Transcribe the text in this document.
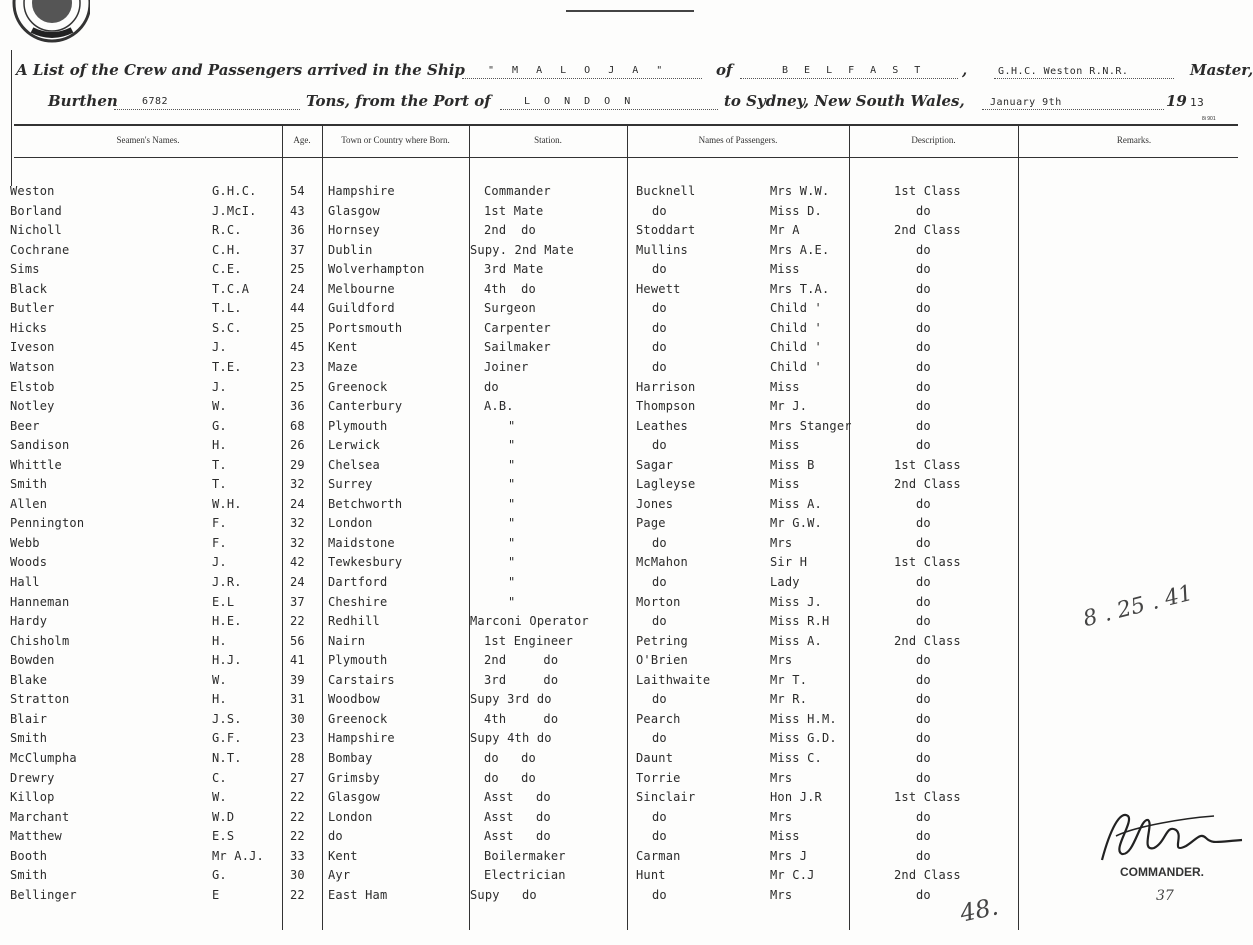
A List of the Crew and Passengers arrived in the Ship " M A L O J A "	of	B E L F A S T ,	G.H.C. Weston R.N.R.	Master,
Burthen 6782	Tons, from the Port of	L O N D O N	to Sydney, New South Wales,	January 9th	19 13
8i 901
Seamen's Names.	Age.	Town or Country where Born.	Station.	Names of Passengers.	Description.	Remarks.
Weston	G.H.C.	54 Hampshire	Commander	Bucknell	Mrs W.W.	1st Class
Borland	J.McI.	43 Glasgow	1st Mate	do	Miss D.	do
Nicholl	R.C.	36 Hornsey	2nd  do	Stoddart	Mr A	2nd Class
Cochrane	C.H.	37 Dublin	Supy. 2nd Mate	Mullins	Mrs A.E.	do
Sims	C.E.	25 Wolverhampton	3rd Mate	do	Miss	do
Black	T.C.A	24 Melbourne	4th  do	Hewett	Mrs T.A.	do
Butler	T.L.	44 Guildford	Surgeon	do	Child '	do
Hicks	S.C.	25 Portsmouth	Carpenter	do	Child '	do
Iveson	J.	45 Kent	Sailmaker	do	Child '	do
Watson	T.E.	23 Maze	Joiner	do	Child '	do
Elstob	J.	25 Greenock	do	Harrison	Miss	do
Notley	W.	36 Canterbury	A.B.	Thompson	Mr J.	do
Beer	G.	68 Plymouth	"	Leathes	Mrs Stanger	do
Sandison	H.	26 Lerwick	"	do	Miss	do
Whittle	T.	29 Chelsea	"	Sagar	Miss B	1st Class
Smith	T.	32 Surrey	"	Lagleyse	Miss	2nd Class
Allen	W.H.	24 Betchworth	"	Jones	Miss A.	do
Pennington	F.	32 London	"	Page	Mr G.W.	do
Webb	F.	32 Maidstone	"	do	Mrs	do
Woods	J.	42 Tewkesbury	"	McMahon	Sir H	1st Class
Hall	J.R.	24 Dartford	"	do	Lady	do
Hanneman	E.L	37 Cheshire	"	Morton	Miss J.	do
Hardy	H.E.	22 Redhill	Marconi Operator	do	Miss R.H	do
Chisholm	H.	56 Nairn	1st Engineer	Petring	Miss A.	2nd Class
Bowden	H.J.	41 Plymouth	2nd     do	O'Brien	Mrs	do
Blake	W.	39 Carstairs	3rd     do	Laithwaite	Mr T.	do
Stratton	H.	31 Woodbow	Supy 3rd do	do	Mr R.	do
Blair	J.S.	30 Greenock	4th     do	Pearch	Miss H.M.	do
Smith	G.F.	23 Hampshire	Supy 4th do	do	Miss G.D.	do
McClumpha	N.T.	28 Bombay	do   do	Daunt	Miss C.	do
Drewry	C.	27 Grimsby	do   do	Torrie	Mrs	do
Killop	W.	22 Glasgow	Asst   do	Sinclair	Hon J.R	1st Class
Marchant	W.D	22 London	Asst   do	do	Mrs	do
Matthew	E.S	22 do	Asst   do	do	Miss	do
Booth	Mr A.J. 33 Kent	Boilermaker	Carman	Mrs J	do
Smith	G.	30 Ayr	Electrician	Hunt	Mr C.J	2nd Class
Bellinger	E	22 East Ham	Supy   do	do	Mrs	do
8 . 25 . 41
48.
COMMANDER.
37
